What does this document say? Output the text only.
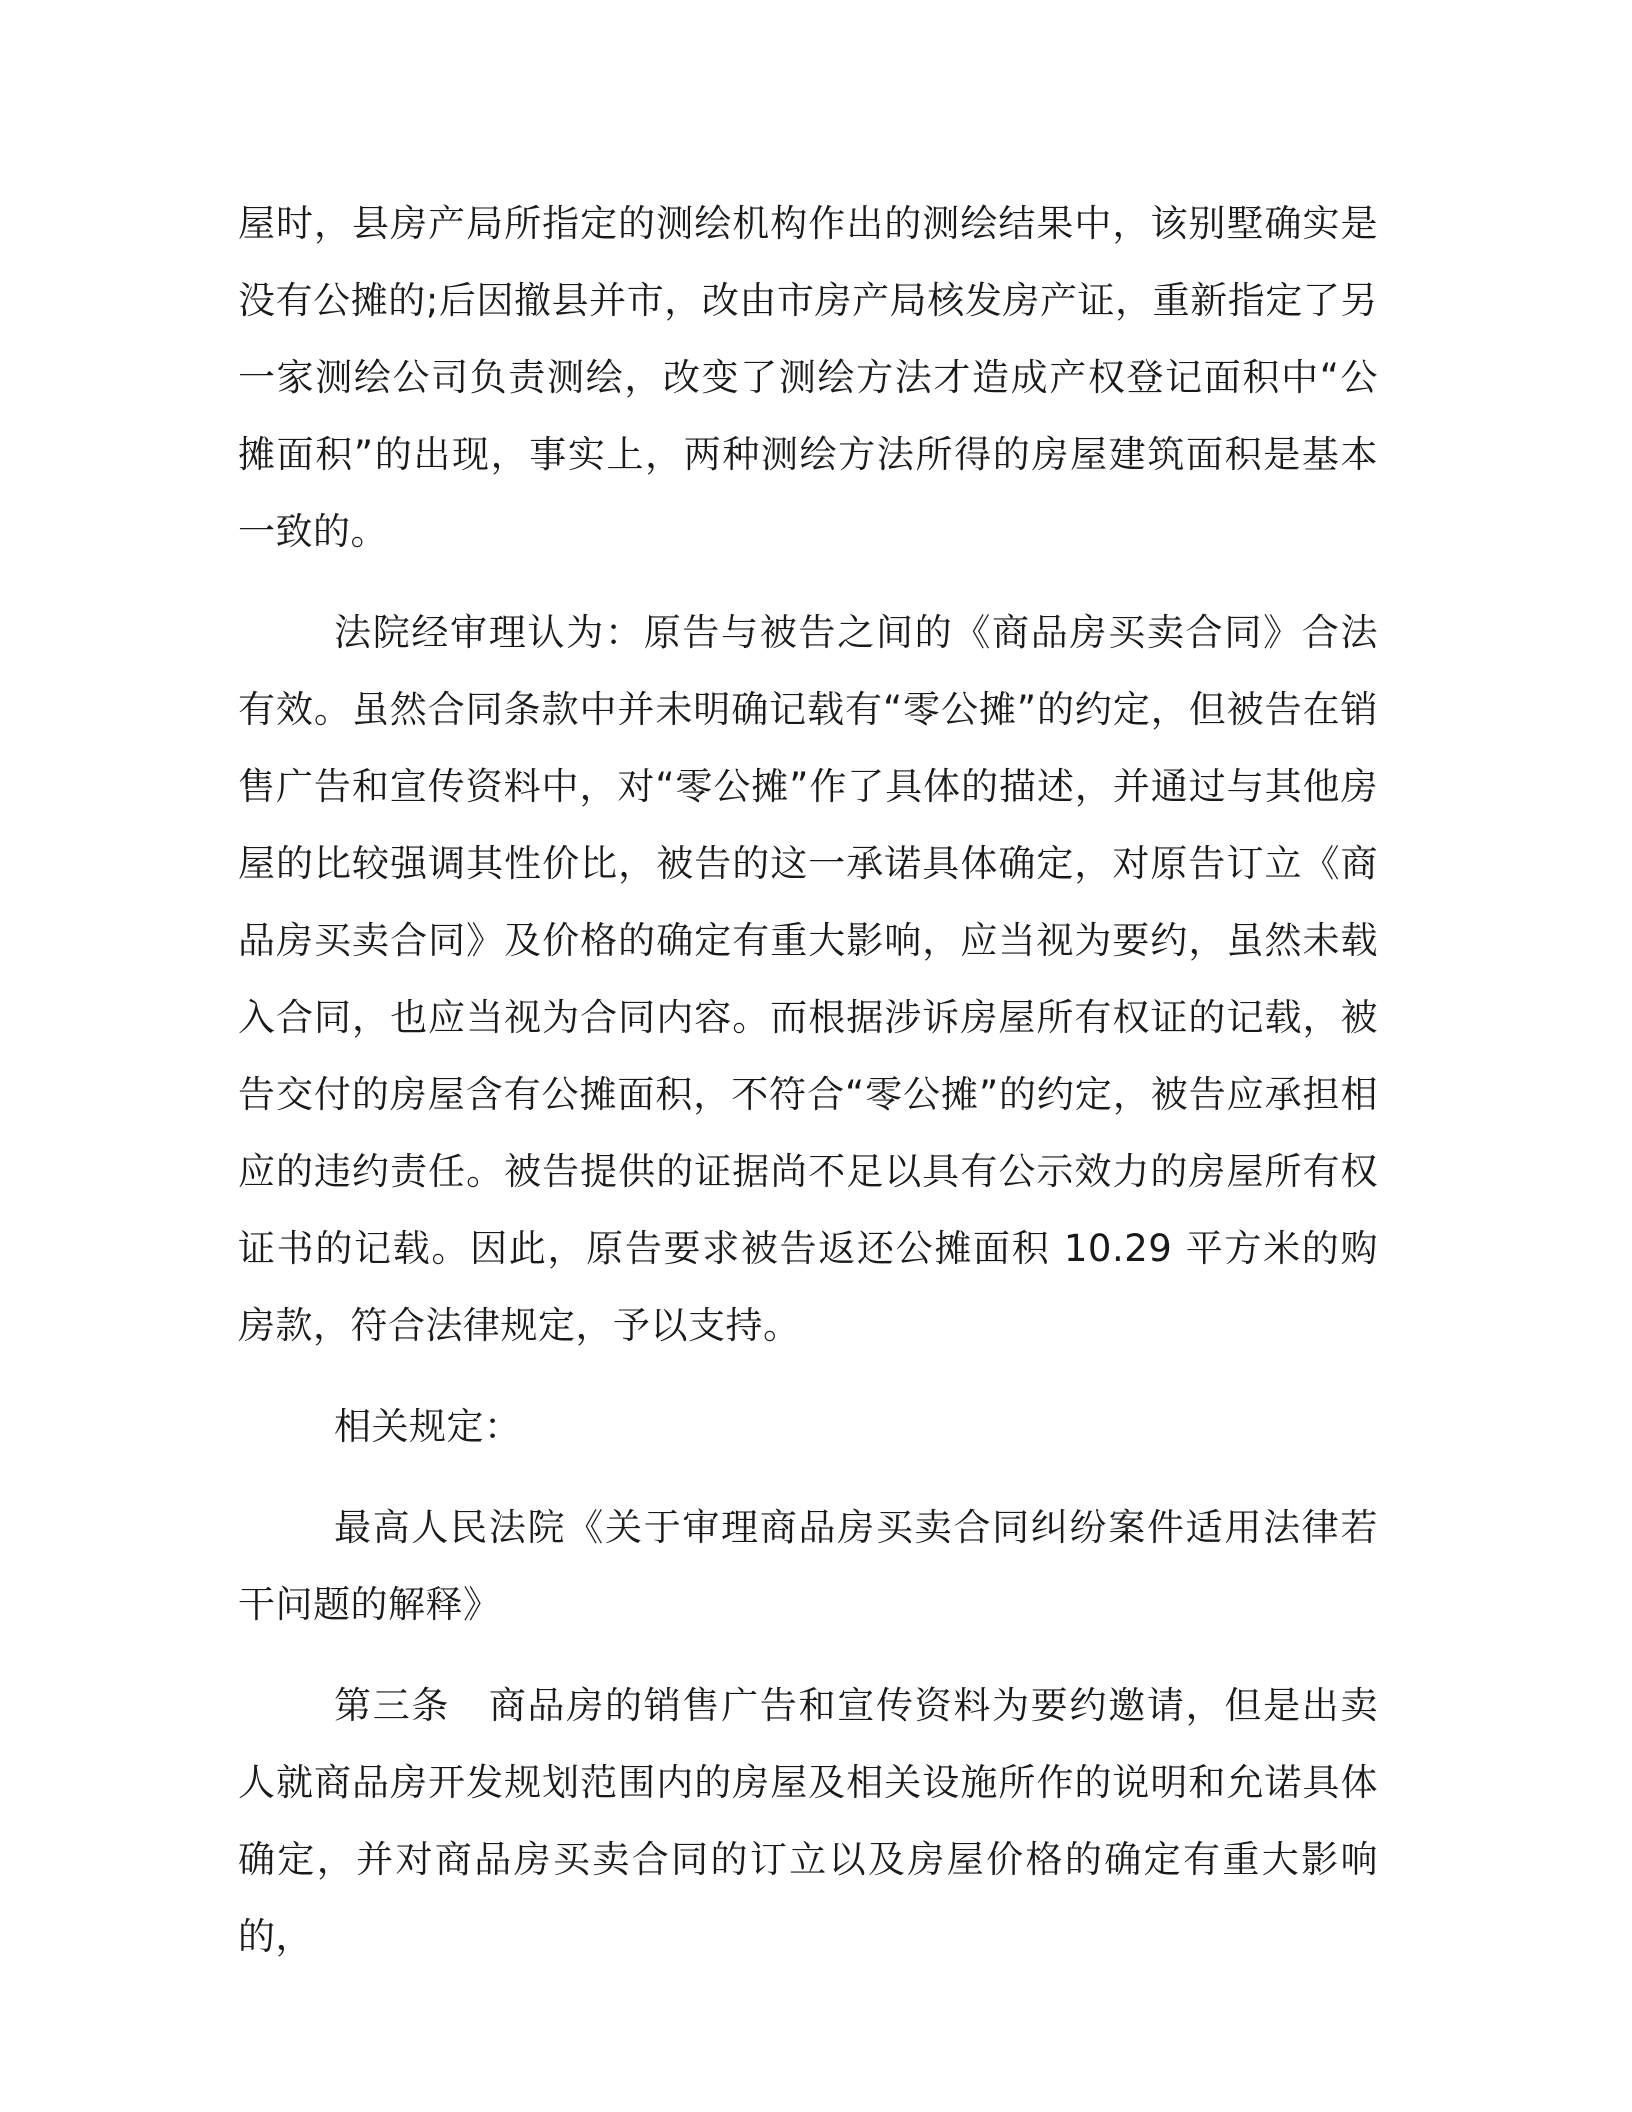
屋时，县房产局所指定的测绘机构作出的测绘结果中，该别墅确实是没有公摊的;后因撤县并市，改由市房产局核发房产证，重新指定了另一家测绘公司负责测绘，改变了测绘方法才造成产权登记面积中“公摊面积”的出现，事实上，两种测绘方法所得的房屋建筑面积是基本一致的。

法院经审理认为：原告与被告之间的《商品房买卖合同》合法有效。虽然合同条款中并未明确记载有“零公摊”的约定，但被告在销售广告和宣传资料中，对“零公摊”作了具体的描述，并通过与其他房屋的比较强调其性价比，被告的这一承诺具体确定，对原告订立《商品房买卖合同》及价格的确定有重大影响，应当视为要约，虽然未载入合同，也应当视为合同内容。而根据涉诉房屋所有权证的记载，被告交付的房屋含有公摊面积，不符合“零公摊”的约定，被告应承担相应的违约责任。被告提供的证据尚不足以具有公示效力的房屋所有权证书的记载。因此，原告要求被告返还公摊面积 10.29 平方米的购房款，符合法律规定，予以支持。

相关规定：

最高人民法院《关于审理商品房买卖合同纠纷案件适用法律若干问题的解释》

第三条　商品房的销售广告和宣传资料为要约邀请，但是出卖人就商品房开发规划范围内的房屋及相关设施所作的说明和允诺具体确定，并对商品房买卖合同的订立以及房屋价格的确定有重大影响的，
